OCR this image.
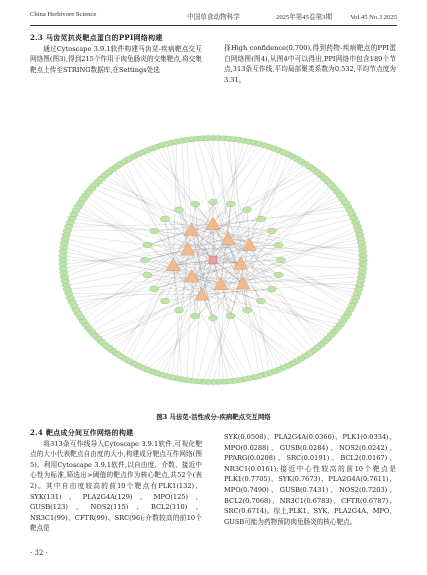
China Herbivore Science	中国草食动物科学	2025年第45卷第3期	Vol.45 No.3 2025
2.3 马齿苋抗炎靶点蛋白的PPI网络构建
通过Cytoscape 3.9.1软件构建马齿苋-疾病靶点交互网络图(图3),得到215个作用于肉兔肠炎的交集靶点,将交集靶点上传至STRING数据库,在Settings处选
择High confidence(0.700),得到药物-疾病靶点的PPI蛋白网络图(图4),从图4中可以得出,PPI网络中包含189个节点,313条互作线,平均局部聚类系数为0.532,平均节点度为3.31。
图3 马齿苋-活性成分-疾病靶点交互网络
2.4 靶点成分间互作网络的构建
将313条互作线导入Cytoscape 3.9.1软件,可视化靶点的大小代表靶点自由度的大小,构建成分靶点互作网络(图5)。利用Cytoscape 3.9.1软件,以自由度、介数、接近中心性为标准,筛选出>阈值的靶点作为核心靶点,共52个(表2)。其中自由度较高的前10个靶点有PLK1(132)、SYK(131)、PLA2G4A(129)、MPO(125)、GUSB(123)、NOS2(115)、BCL2(110)、NR3C1(99)、CFTR(99)、SRC(96);介数较高的前10个靶点是
SYK(0.0508)、PLA2G4A(0.0366)、PLK1(0.0334)、MPO(0.0288)、GUSB(0.0284)、NOS2(0.0242)、PPARG(0.0208)、SRC(0.0191)、BCL2(0.0167)、NR3C1(0.0161);接近中心性较高的前10个靶点是PLK1(0.7705)、SYK(0.7673)、PLA2G4A(0.7611)、MPO(0.7490)、GUSB(0.7431)、NOS2(0.7203)、BCL2(0.7068)、NR3C1(0.6783)、CFTR(0.6787)、SRC(0.6714)。综上,PLK1、SYK、PLA2G4A、MPO、GUSB可能为药物预防肉兔肠炎的核心靶点。
· 32 ·
